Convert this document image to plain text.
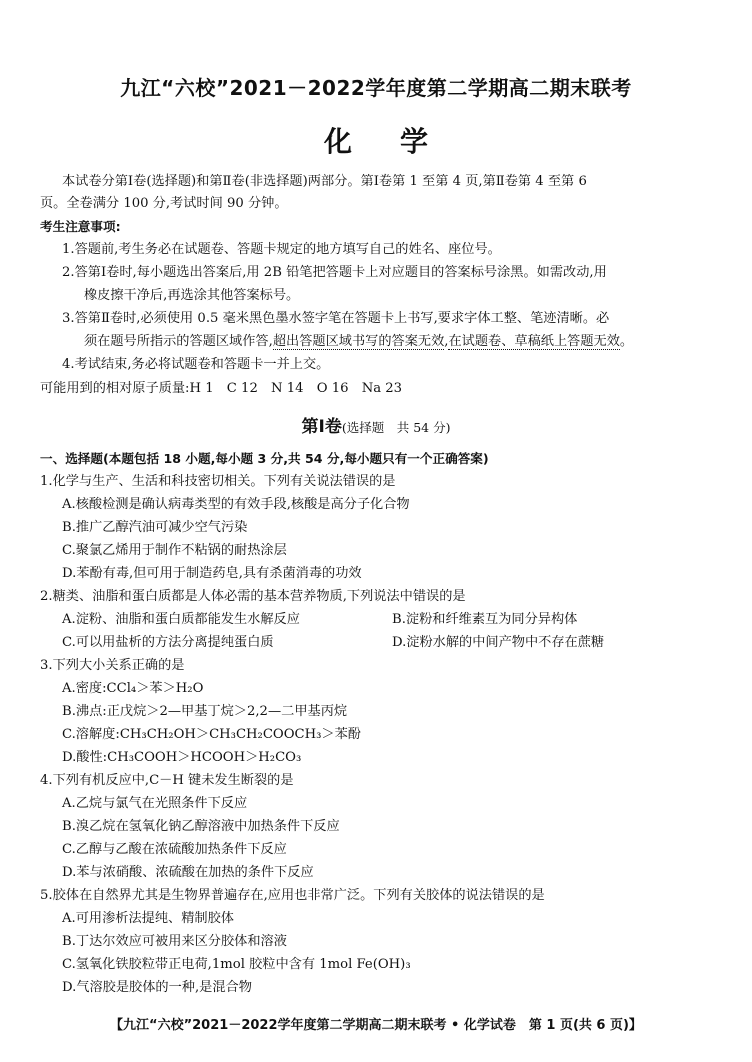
九江“六校”2021－2022学年度第二学期高二期末联考
化学
本试卷分第Ⅰ卷(选择题)和第Ⅱ卷(非选择题)两部分。第Ⅰ卷第 1 至第 4 页,第Ⅱ卷第 4 至第 6
页。全卷满分 100 分,考试时间 90 分钟。
考生注意事项:
1.答题前,考生务必在试题卷、答题卡规定的地方填写自己的姓名、座位号。
2.答第Ⅰ卷时,每小题选出答案后,用 2B 铅笔把答题卡上对应题目的答案标号涂黑。如需改动,用
橡皮擦干净后,再选涂其他答案标号。
3.答第Ⅱ卷时,必须使用 0.5 毫米黑色墨水签字笔在答题卡上书写,要求字体工整、笔迹清晰。必
须在题号所指示的答题区域作答,超出答题区域书写的答案无效,在试题卷、草稿纸上答题无效。
4.考试结束,务必将试题卷和答题卡一并上交。
可能用到的相对原子质量:H 1　C 12　N 14　O 16　Na 23
第Ⅰ卷(选择题　共 54 分)
一、选择题(本题包括 18 小题,每小题 3 分,共 54 分,每小题只有一个正确答案)
1.化学与生产、生活和科技密切相关。下列有关说法错误的是
A.核酸检测是确认病毒类型的有效手段,核酸是高分子化合物
B.推广乙醇汽油可减少空气污染
C.聚氯乙烯用于制作不粘锅的耐热涂层
D.苯酚有毒,但可用于制造药皂,具有杀菌消毒的功效
2.糖类、油脂和蛋白质都是人体必需的基本营养物质,下列说法中错误的是
A.淀粉、油脂和蛋白质都能发生水解反应	B.淀粉和纤维素互为同分异构体
C.可以用盐析的方法分离提纯蛋白质	D.淀粉水解的中间产物中不存在蔗糖
3.下列大小关系正确的是
A.密度:CCl₄＞苯＞H₂O
B.沸点:正戊烷＞2—甲基丁烷＞2,2—二甲基丙烷
C.溶解度:CH₃CH₂OH＞CH₃CH₂COOCH₃＞苯酚
D.酸性:CH₃COOH＞HCOOH＞H₂CO₃
4.下列有机反应中,C－H 键未发生断裂的是
A.乙烷与氯气在光照条件下反应
B.溴乙烷在氢氧化钠乙醇溶液中加热条件下反应
C.乙醇与乙酸在浓硫酸加热条件下反应
D.苯与浓硝酸、浓硫酸在加热的条件下反应
5.胶体在自然界尤其是生物界普遍存在,应用也非常广泛。下列有关胶体的说法错误的是
A.可用渗析法提纯、精制胶体
B.丁达尔效应可被用来区分胶体和溶液
C.氢氧化铁胶粒带正电荷,1mol 胶粒中含有 1mol Fe(OH)₃
D.气溶胶是胶体的一种,是混合物
【九江“六校”2021－2022学年度第二学期高二期末联考 • 化学试卷　第 1 页(共 6 页)】
